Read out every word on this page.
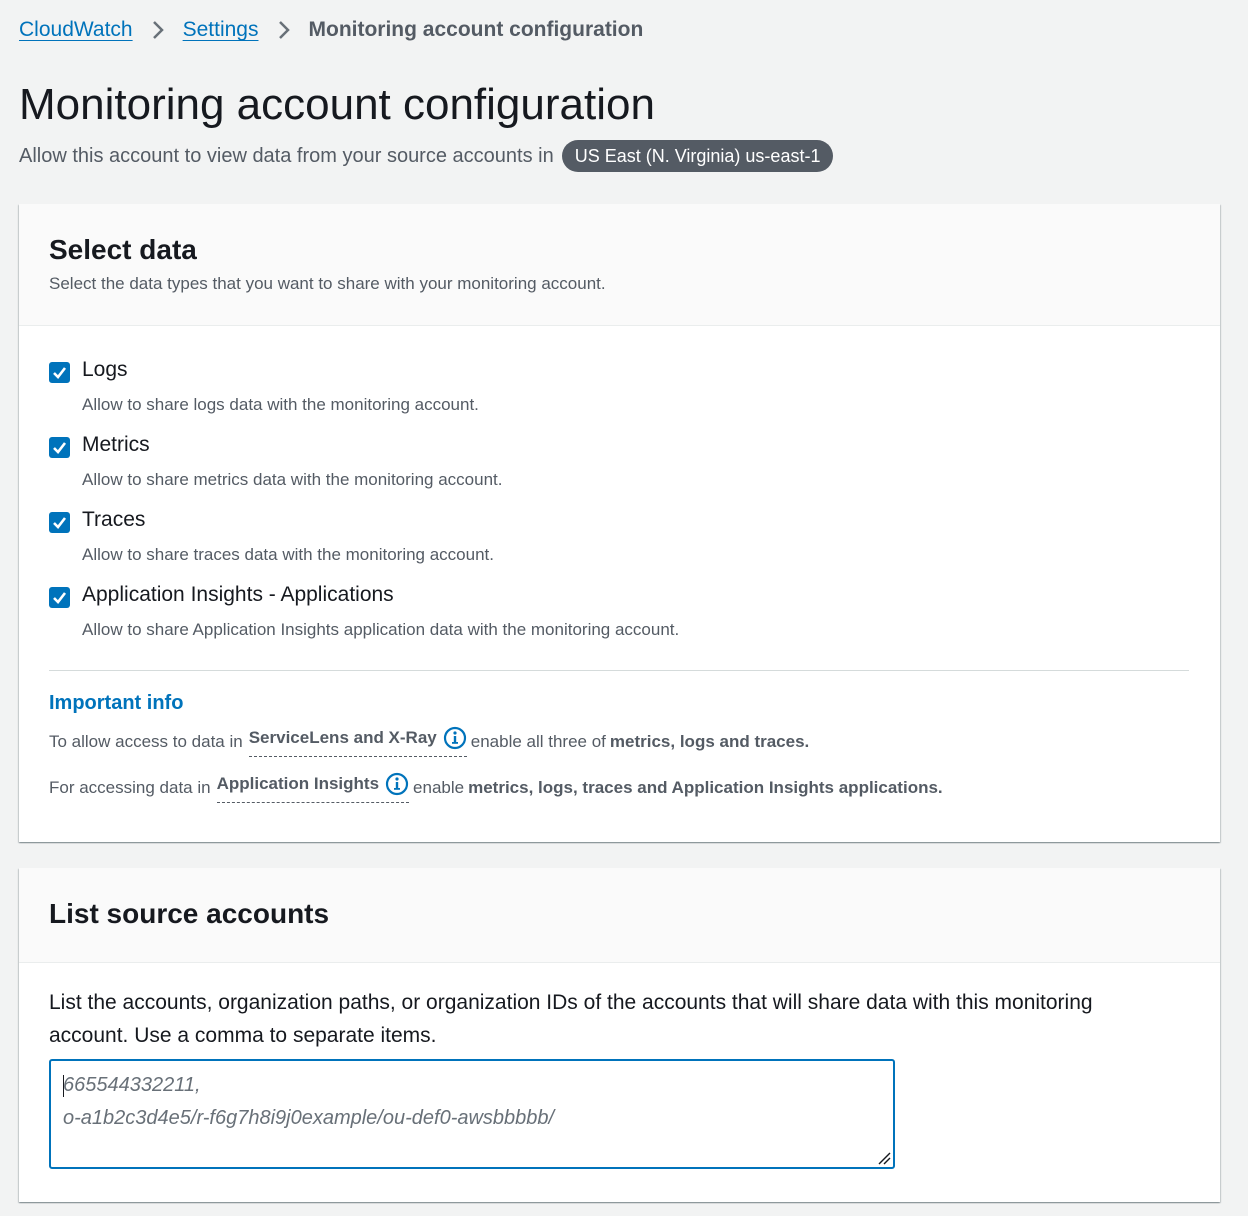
CloudWatch Settings Monitoring account configuration
Monitoring account configuration
Allow this account to view data from your source accounts in	US East (N. Virginia) us-east-1
Select data
Select the data types that you want to share with your monitoring account.
Logs
Allow to share logs data with the monitoring account.
Metrics
Allow to share metrics data with the monitoring account.
Traces
Allow to share traces data with the monitoring account.
Application Insights - Applications
Allow to share Application Insights application data with the monitoring account.
Important info
To allow access to data in ServiceLens and X-Ray enable all three of metrics, logs and traces.
For accessing data in Application Insights enable metrics, logs, traces and Application Insights applications.
List source accounts
List the accounts, organization paths, or organization IDs of the accounts that will share data with this monitoring account. Use a comma to separate items.
665544332211, o-a1b2c3d4e5/r-f6g7h8i9j0example/ou-def0-awsbbbbb/
